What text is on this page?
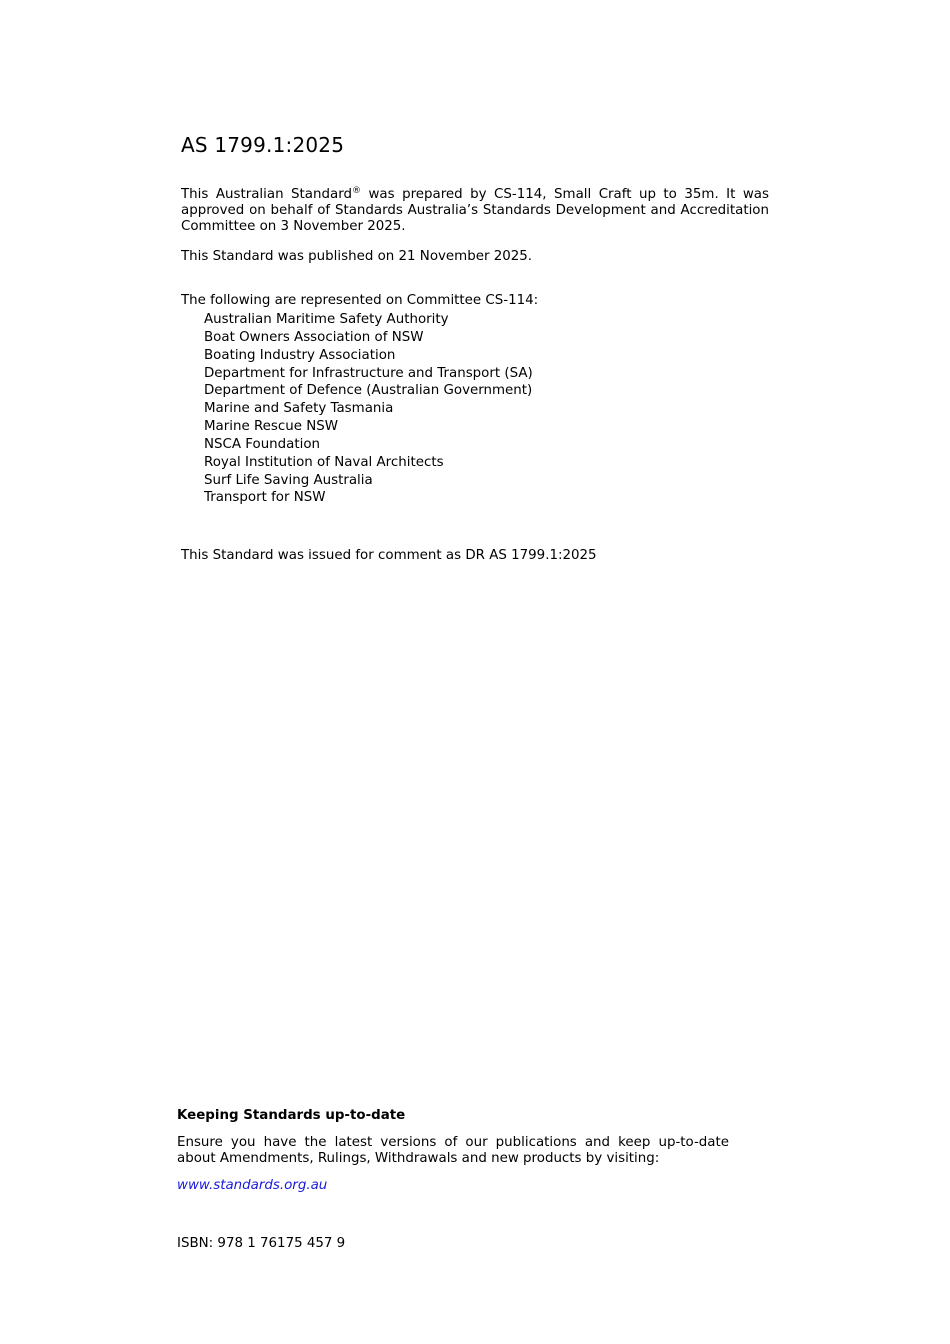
AS 1799.1:2025

This Australian Standard® was prepared by CS-114, Small Craft up to 35m. It was approved on behalf of Standards Australia’s Standards Development and Accreditation Committee on 3 November 2025.

This Standard was published on 21 November 2025.

The following are represented on Committee CS-114:

Australian Maritime Safety Authority
Boat Owners Association of NSW
Boating Industry Association
Department for Infrastructure and Transport (SA)
Department of Defence (Australian Government)
Marine and Safety Tasmania
Marine Rescue NSW
NSCA Foundation
Royal Institution of Naval Architects
Surf Life Saving Australia
Transport for NSW

This Standard was issued for comment as DR AS 1799.1:2025

Keeping Standards up-to-date

Ensure you have the latest versions of our publications and keep up-to-date about Amendments, Rulings, Withdrawals and new products by visiting:

www.standards.org.au

ISBN: 978 1 76175 457 9
